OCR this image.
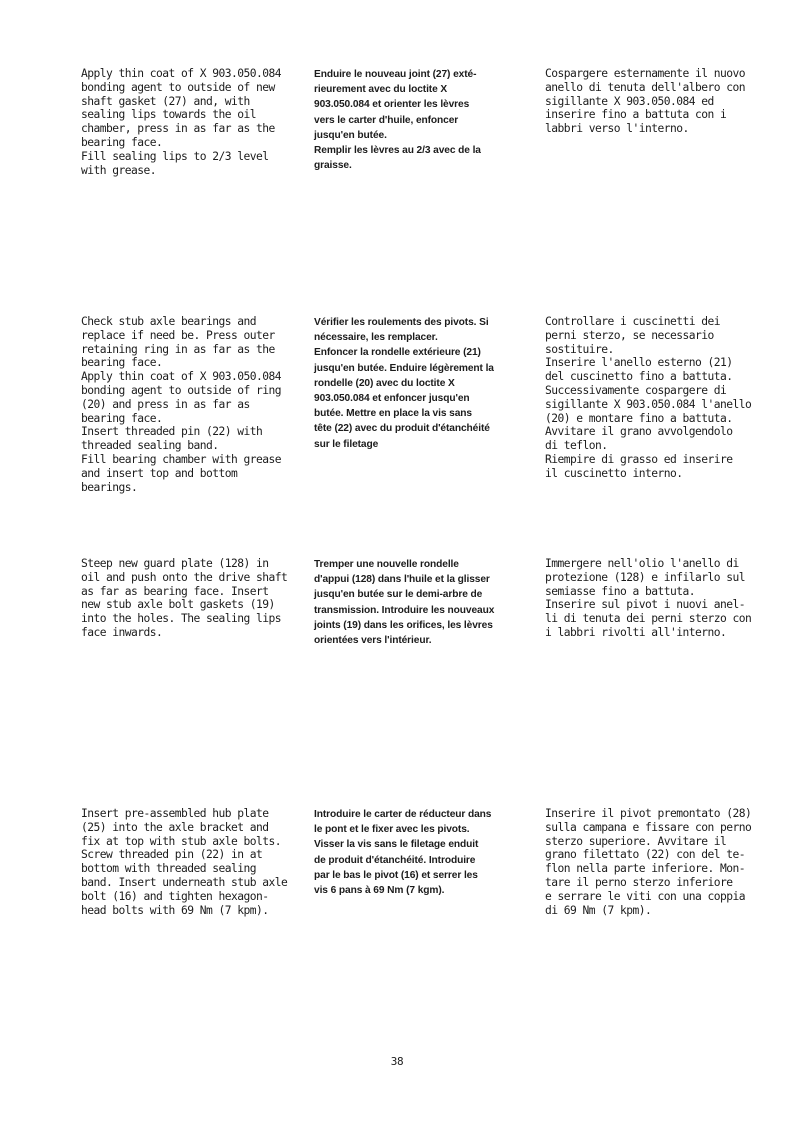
Apply thin coat of X 903.050.084
bonding agent to outside of new
shaft gasket (27) and, with
sealing lips towards the oil
chamber, press in as far as the
bearing face.
Fill sealing lips to 2/3 level
with grease.

Enduire le nouveau joint (27) exté-
rieurement avec du loctite X
903.050.084 et orienter les lèvres
vers le carter d'huile, enfoncer
jusqu'en butée.
Remplir les lèvres au 2/3 avec de la
graisse.

Cospargere esternamente il nuovo
anello di tenuta dell'albero con
sigillante X 903.050.084 ed
inserire fino a battuta con i
labbri verso l'interno.

Check stub axle bearings and
replace if need be. Press outer
retaining ring in as far as the
bearing face.
Apply thin coat of X 903.050.084
bonding agent to outside of ring
(20) and press in as far as
bearing face.
Insert threaded pin (22) with
threaded sealing band.
Fill bearing chamber with grease
and insert top and bottom
bearings.

Vérifier les roulements des pivots. Si
nécessaire, les remplacer.
Enfoncer la rondelle extérieure (21)
jusqu'en butée. Enduire légèrement la
rondelle (20) avec du loctite X
903.050.084 et enfoncer jusqu'en
butée. Mettre en place la vis sans
tête (22) avec du produit d'étanchéité
sur le filetage

Controllare i cuscinetti dei
perni sterzo, se necessario
sostituire.
Inserire l'anello esterno (21)
del cuscinetto fino a battuta.
Successivamente cospargere di
sigillante X 903.050.084 l'anello
(20) e montare fino a battuta.
Avvitare il grano avvolgendolo
di teflon.
Riempire di grasso ed inserire
il cuscinetto interno.

Steep new guard plate (128) in
oil and push onto the drive shaft
as far as bearing face. Insert
new stub axle bolt gaskets (19)
into the holes. The sealing lips
face inwards.

Tremper une nouvelle rondelle
d'appui (128) dans l'huile et la glisser
jusqu'en butée sur le demi-arbre de
transmission. Introduire les nouveaux
joints (19) dans les orifices, les lèvres
orientées vers l'intérieur.

Immergere nell'olio l'anello di
protezione (128) e infilarlo sul
semiasse fino a battuta.
Inserire sul pivot i nuovi anel-
li di tenuta dei perni sterzo con
i labbri rivolti all'interno.

Insert pre-assembled hub plate
(25) into the axle bracket and
fix at top with stub axle bolts.
Screw threaded pin (22) in at
bottom with threaded sealing
band. Insert underneath stub axle
bolt (16) and tighten hexagon-
head bolts with 69 Nm (7 kpm).

Introduire le carter de réducteur dans
le pont et le fixer avec les pivots.
Visser la vis sans le filetage enduit
de produit d'étanchéité. Introduire
par le bas le pivot (16) et serrer les
vis 6 pans à 69 Nm (7 kgm).

Inserire il pivot premontato (28)
sulla campana e fissare con perno
sterzo superiore. Avvitare il
grano filettato (22) con del te-
flon nella parte inferiore. Mon-
tare il perno sterzo inferiore
e serrare le viti con una coppia
di 69 Nm (7 kpm).

38
